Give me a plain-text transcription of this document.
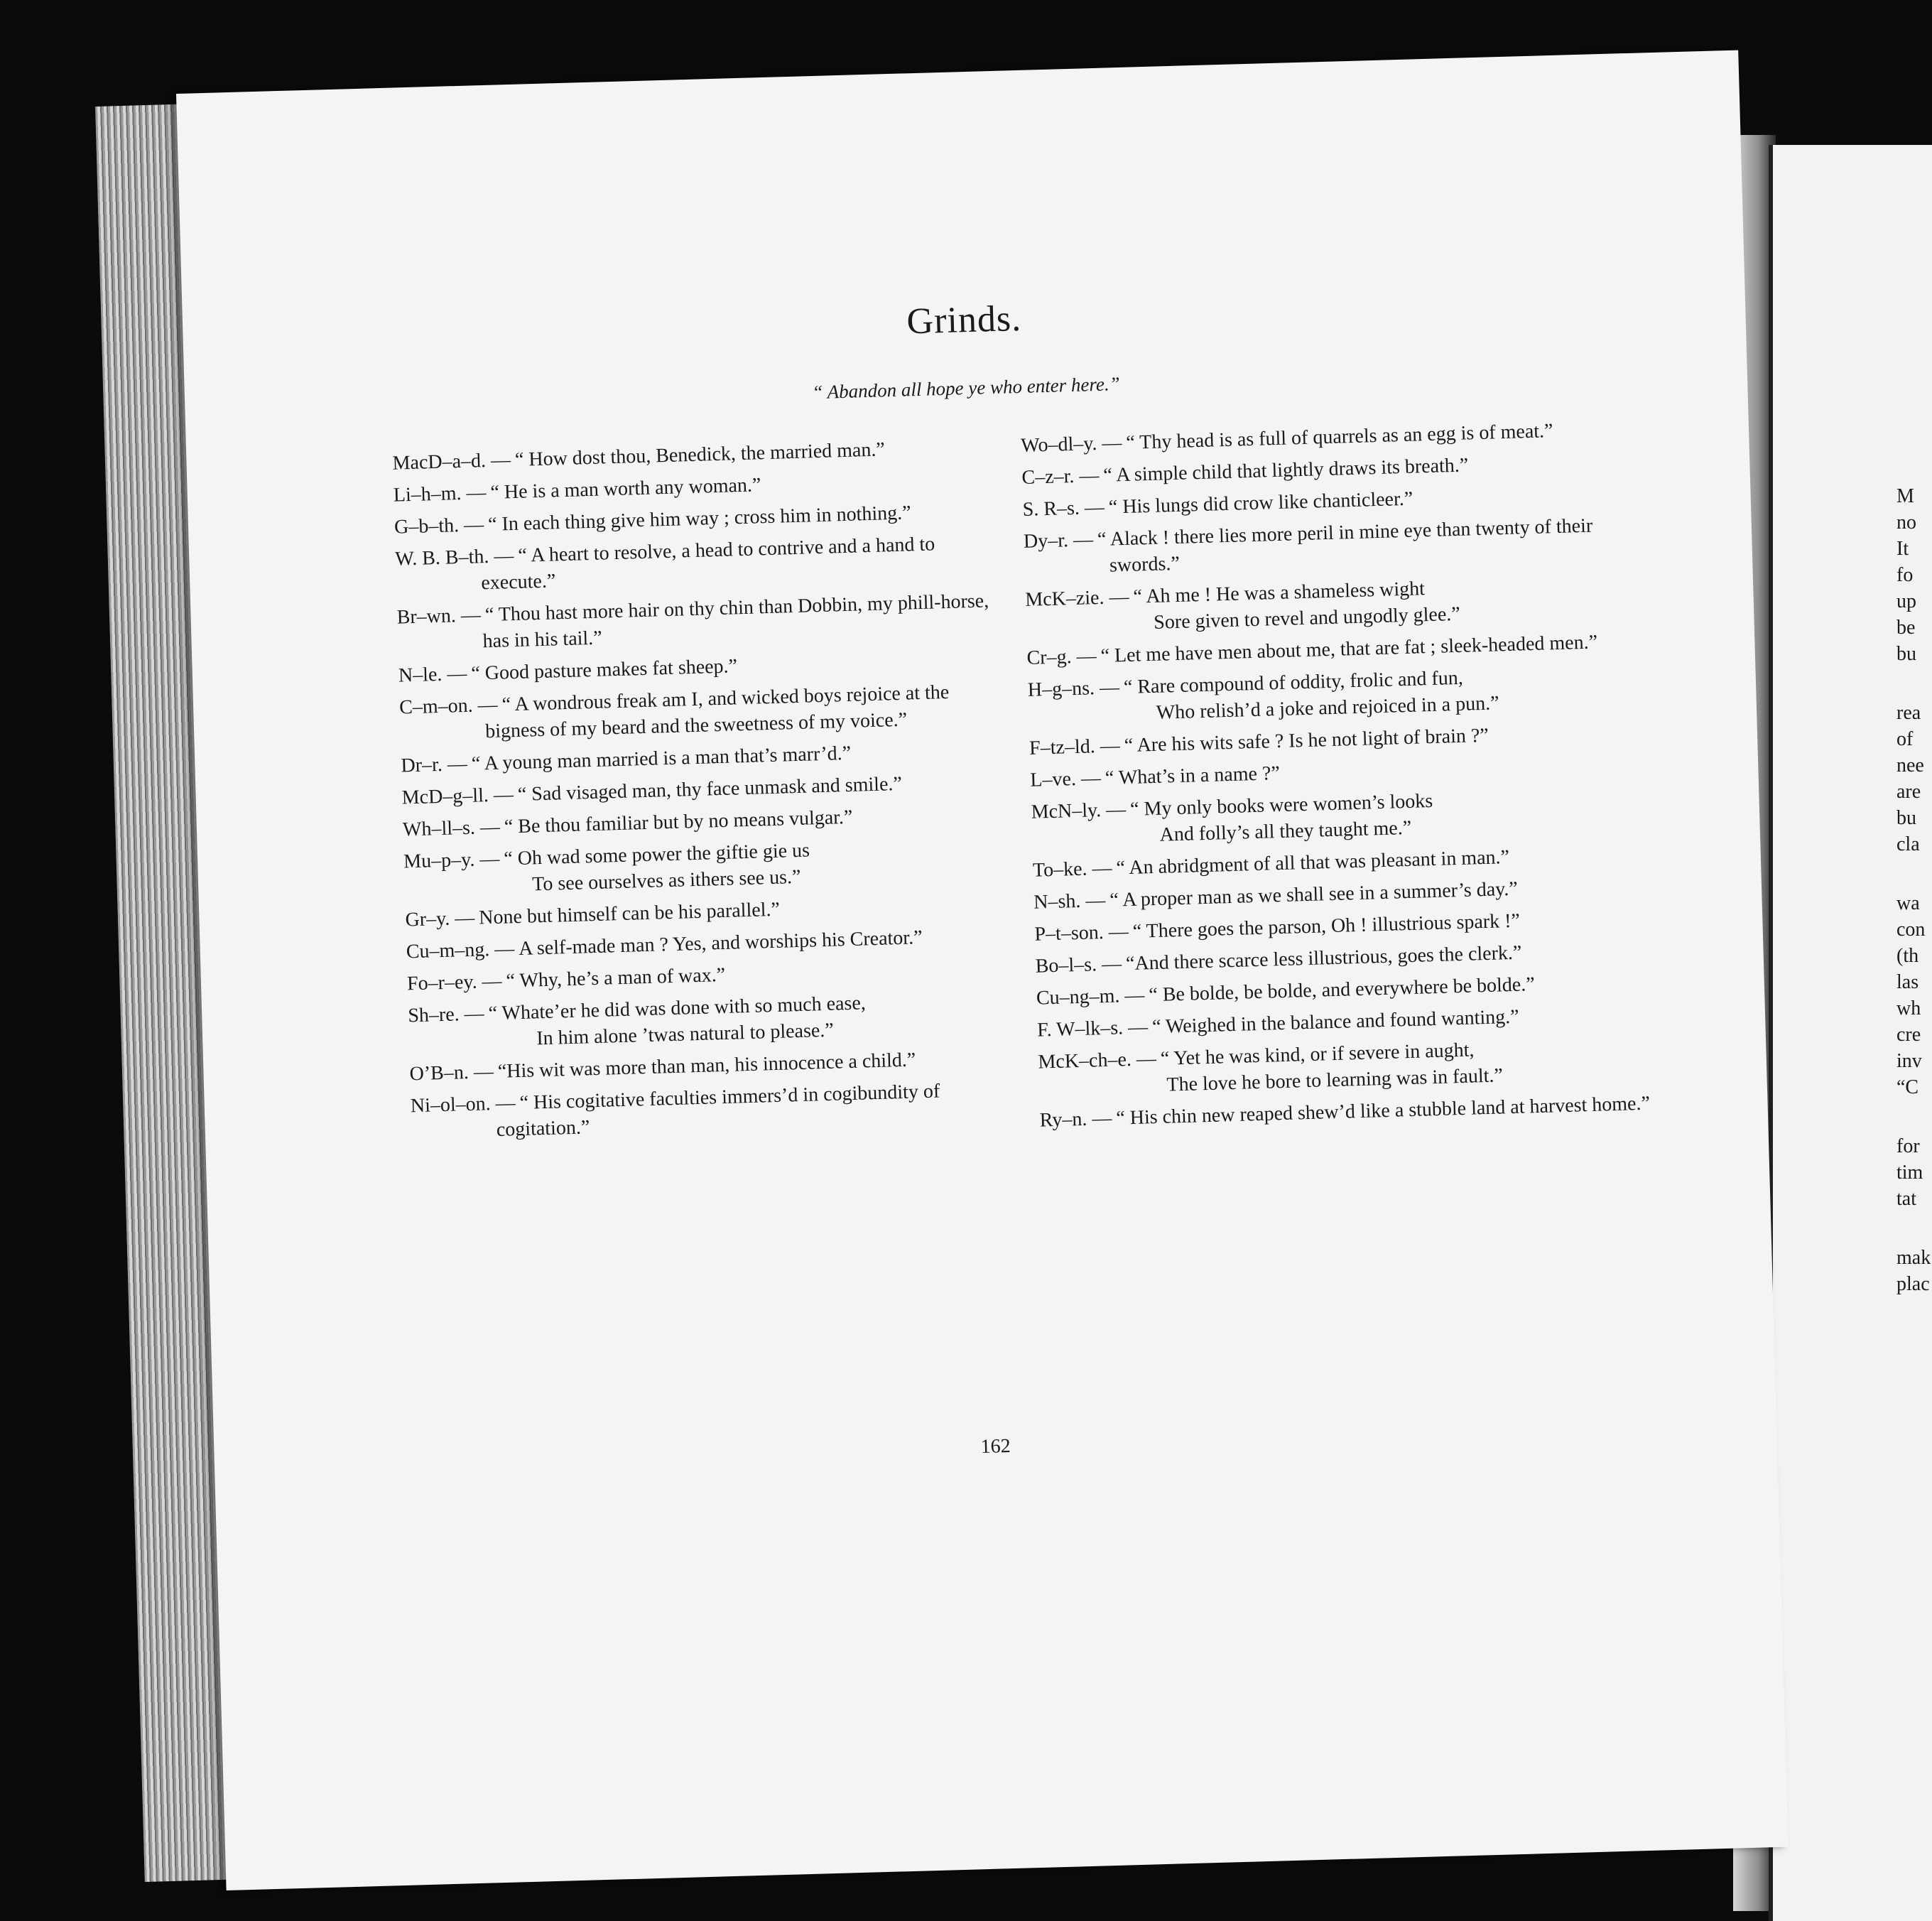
Grinds.
“ Abandon all hope ye who enter here.”
MacD–a–d. — “ How dost thou, Benedick, the married man.”
Li–h–m. — “ He is a man worth any woman.”
G–b–th. — “ In each thing give him way ; cross him in nothing.”
W. B. B–th. — “ A heart to resolve, a head to contrive and a hand to execute.”
Br–wn. — “ Thou hast more hair on thy chin than Dobbin, my phill-horse, has in his tail.”
N–le. — “ Good pasture makes fat sheep.”
C–m–on. — “ A wondrous freak am I, and wicked boys rejoice at the bigness of my beard and the sweetness of my voice.”
Dr–r. — “ A young man married is a man that’s marr’d.”
McD–g–ll. — “ Sad visaged man, thy face unmask and smile.”
Wh–ll–s. — “ Be thou familiar but by no means vulgar.”
Mu–p–y. — “ Oh wad some power the giftie gie us
To see ourselves as ithers see us.”
Gr–y. — None but himself can be his parallel.”
Cu–m–ng. — A self-made man ? Yes, and worships his Creator.”
Fo–r–ey. — “ Why, he’s a man of wax.”
Sh–re. — “ Whate’er he did was done with so much ease,
In him alone ’twas natural to please.”
O’B–n. — “His wit was more than man, his innocence a child.”
Ni–ol–on. — “ His cogitative faculties immers’d in cogibundity of cogitation.”
Wo–dl–y. — “ Thy head is as full of quarrels as an egg is of meat.”
C–z–r. — “ A simple child that lightly draws its breath.”
S. R–s. — “ His lungs did crow like chanticleer.”
Dy–r. — “ Alack ! there lies more peril in mine eye than twenty of their swords.”
McK–zie. — “ Ah me ! He was a shameless wight
Sore given to revel and ungodly glee.”
Cr–g. — “ Let me have men about me, that are fat ; sleek-headed men.”
H–g–ns. — “ Rare compound of oddity, frolic and fun,
Who relish’d a joke and rejoiced in a pun.”
F–tz–ld. — “ Are his wits safe ? Is he not light of brain ?”
L–ve. — “ What’s in a name ?”
McN–ly. — “ My only books were women’s looks
And folly’s all they taught me.”
To–ke. — “ An abridgment of all that was pleasant in man.”
N–sh. — “ A proper man as we shall see in a summer’s day.”
P–t–son. — “ There goes the parson, Oh ! illustrious spark !”
Bo–l–s. — “And there scarce less illustrious, goes the clerk.”
Cu–ng–m. — “ Be bolde, be bolde, and everywhere be bolde.”
F. W–lk–s. — “ Weighed in the balance and found wanting.”
McK–ch–e. — “ Yet he was kind, or if severe in aught,
The love he bore to learning was in fault.”
Ry–n. — “ His chin new reaped shew’d like a stubble land at harvest home.”
162
M
no
It
fo
up
be
bu
rea
of
nee
are
bu
cla
wa
con
(th
las
wh
cre
inv
“C
for
tim
tat
mak
plac
